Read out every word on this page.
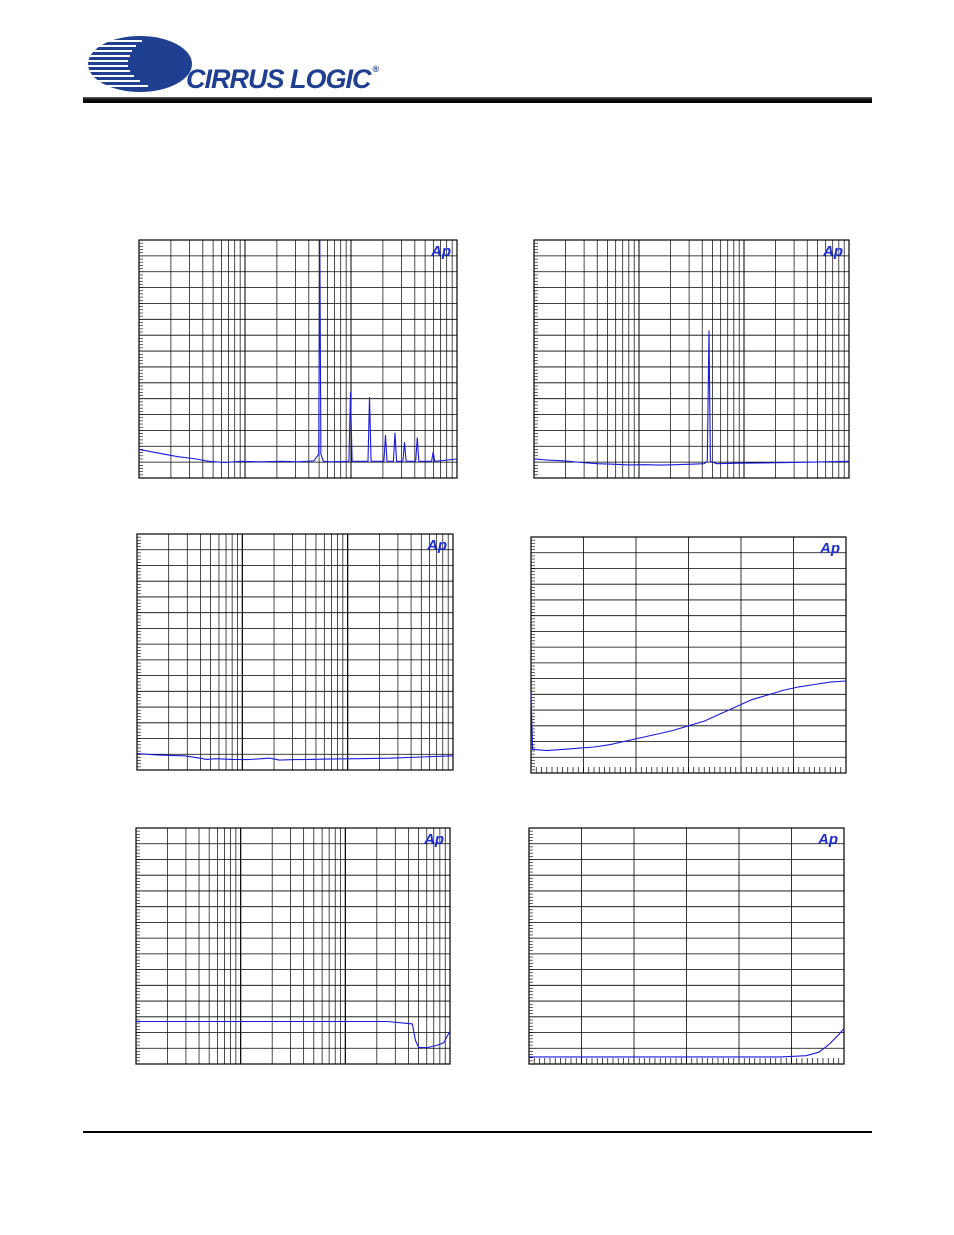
CIRRUS LOGIC ®
Ap	Ap
Ap	Ap
Ap	Ap
